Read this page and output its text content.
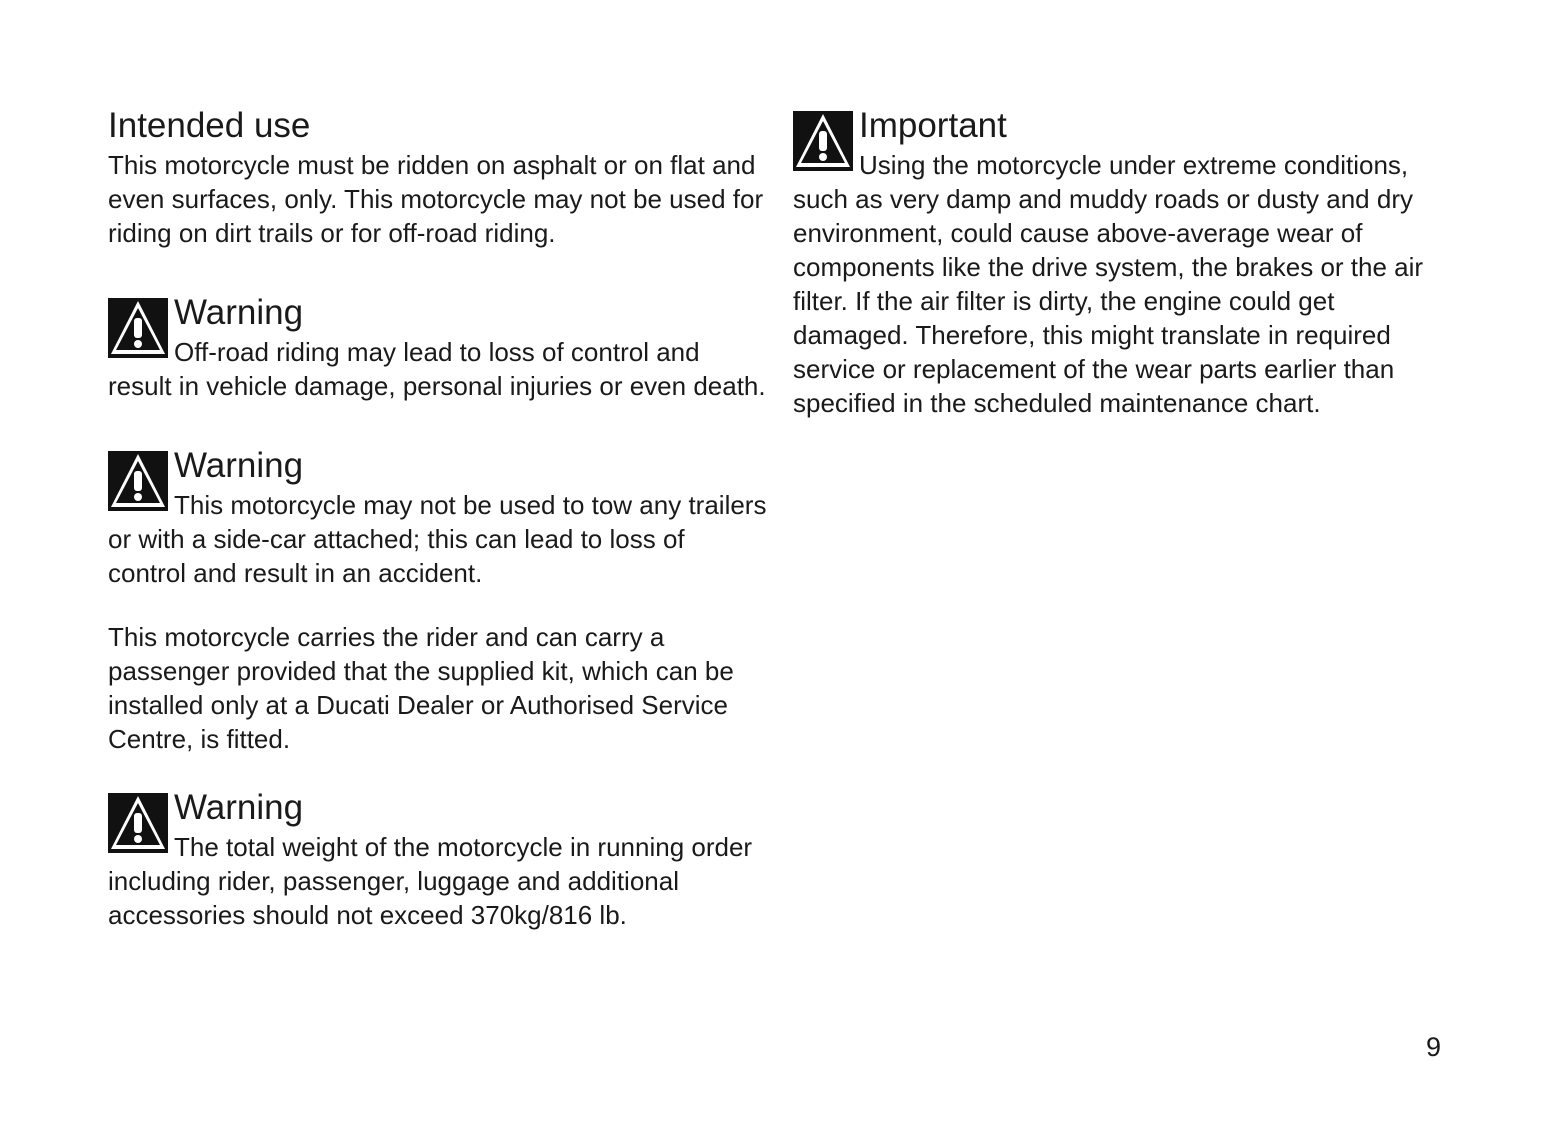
Intended use

This motorcycle must be ridden on asphalt or on flat and even surfaces, only. This motorcycle may not be used for riding on dirt trails or for off-road riding.

Warning

Off-road riding may lead to loss of control and result in vehicle damage, personal injuries or even death.

Warning

This motorcycle may not be used to tow any trailers or with a side-car attached; this can lead to loss of control and result in an accident.

This motorcycle carries the rider and can carry a passenger provided that the supplied kit, which can be installed only at a Ducati Dealer or Authorised Service Centre, is fitted.

Warning

The total weight of the motorcycle in running order including rider, passenger, luggage and additional accessories should not exceed 370kg/816 lb.

Important

Using the motorcycle under extreme conditions, such as very damp and muddy roads or dusty and dry environment, could cause above-average wear of components like the drive system, the brakes or the air filter. If the air filter is dirty, the engine could get damaged. Therefore, this might translate in required service or replacement of the wear parts earlier than specified in the scheduled maintenance chart.

9
